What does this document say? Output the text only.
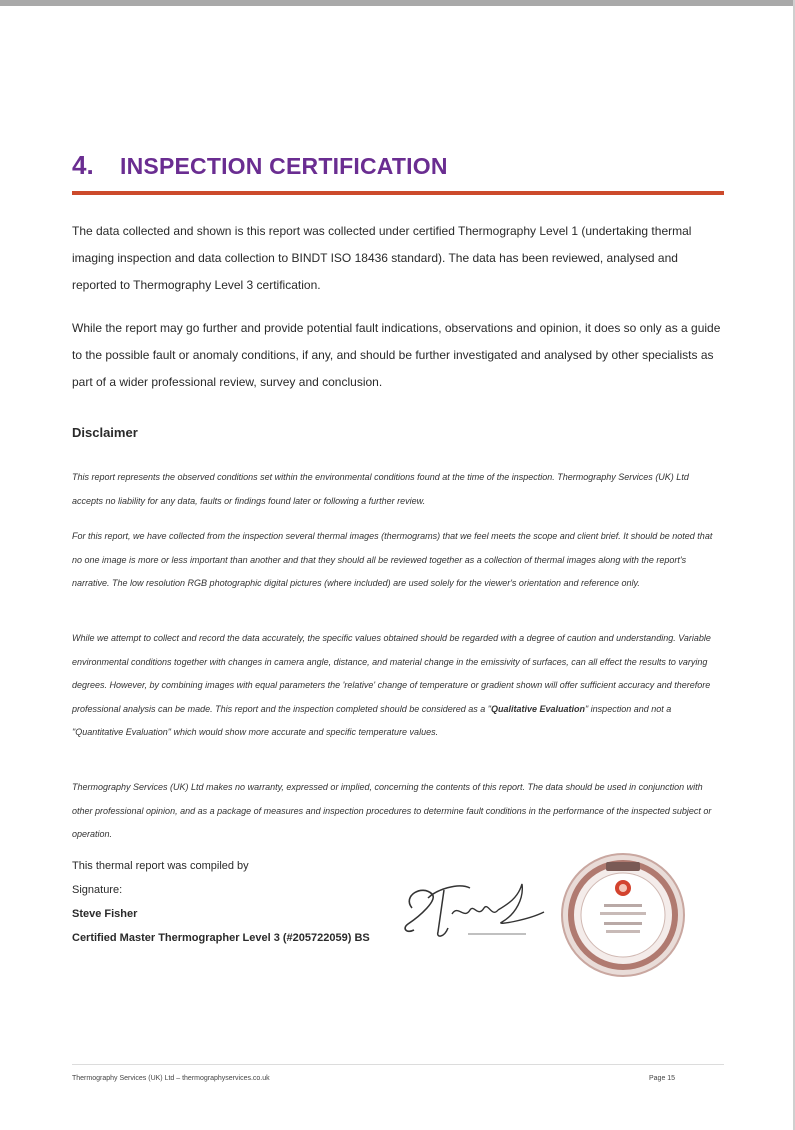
4.	INSPECTION CERTIFICATION

The data collected and shown is this report was collected under certified Thermography Level 1 (undertaking thermal imaging inspection and data collection to BINDT ISO 18436 standard). The data has been reviewed, analysed and reported to Thermography Level 3 certification.

While the report may go further and provide potential fault indications, observations and opinion, it does so only as a guide to the possible fault or anomaly conditions, if any, and should be further investigated and analysed by other specialists as part of a wider professional review, survey and conclusion.

Disclaimer

This report represents the observed conditions set within the environmental conditions found at the time of the inspection. Thermography Services (UK) Ltd accepts no liability for any data, faults or findings found later or following a further review.

For this report, we have collected from the inspection several thermal images (thermograms) that we feel meets the scope and client brief. It should be noted that no one image is more or less important than another and that they should all be reviewed together as a collection of thermal images along with the report's narrative. The low resolution RGB photographic digital pictures (where included) are used solely for the viewer's orientation and reference only.

While we attempt to collect and record the data accurately, the specific values obtained should be regarded with a degree of caution and understanding. Variable environmental conditions together with changes in camera angle, distance, and material change in the emissivity of surfaces, can all effect the results to varying degrees. However, by combining images with equal parameters the 'relative' change of temperature or gradient shown will offer sufficient accuracy and therefore professional analysis can be made. This report and the inspection completed should be considered as a "Qualitative Evaluation" inspection and not a "Quantitative Evaluation" which would show more accurate and specific temperature values.

Thermography Services (UK) Ltd makes no warranty, expressed or implied, concerning the contents of this report. The data should be used in conjunction with other professional opinion, and as a package of measures and inspection procedures to determine fault conditions in the performance of the inspected subject or operation.

This thermal report was compiled by
Signature:
Steve Fisher
Certified Master Thermographer Level 3 (#205722059) BS
Thermography Services (UK) Ltd – thermographyservices.co.uk	Page 15
